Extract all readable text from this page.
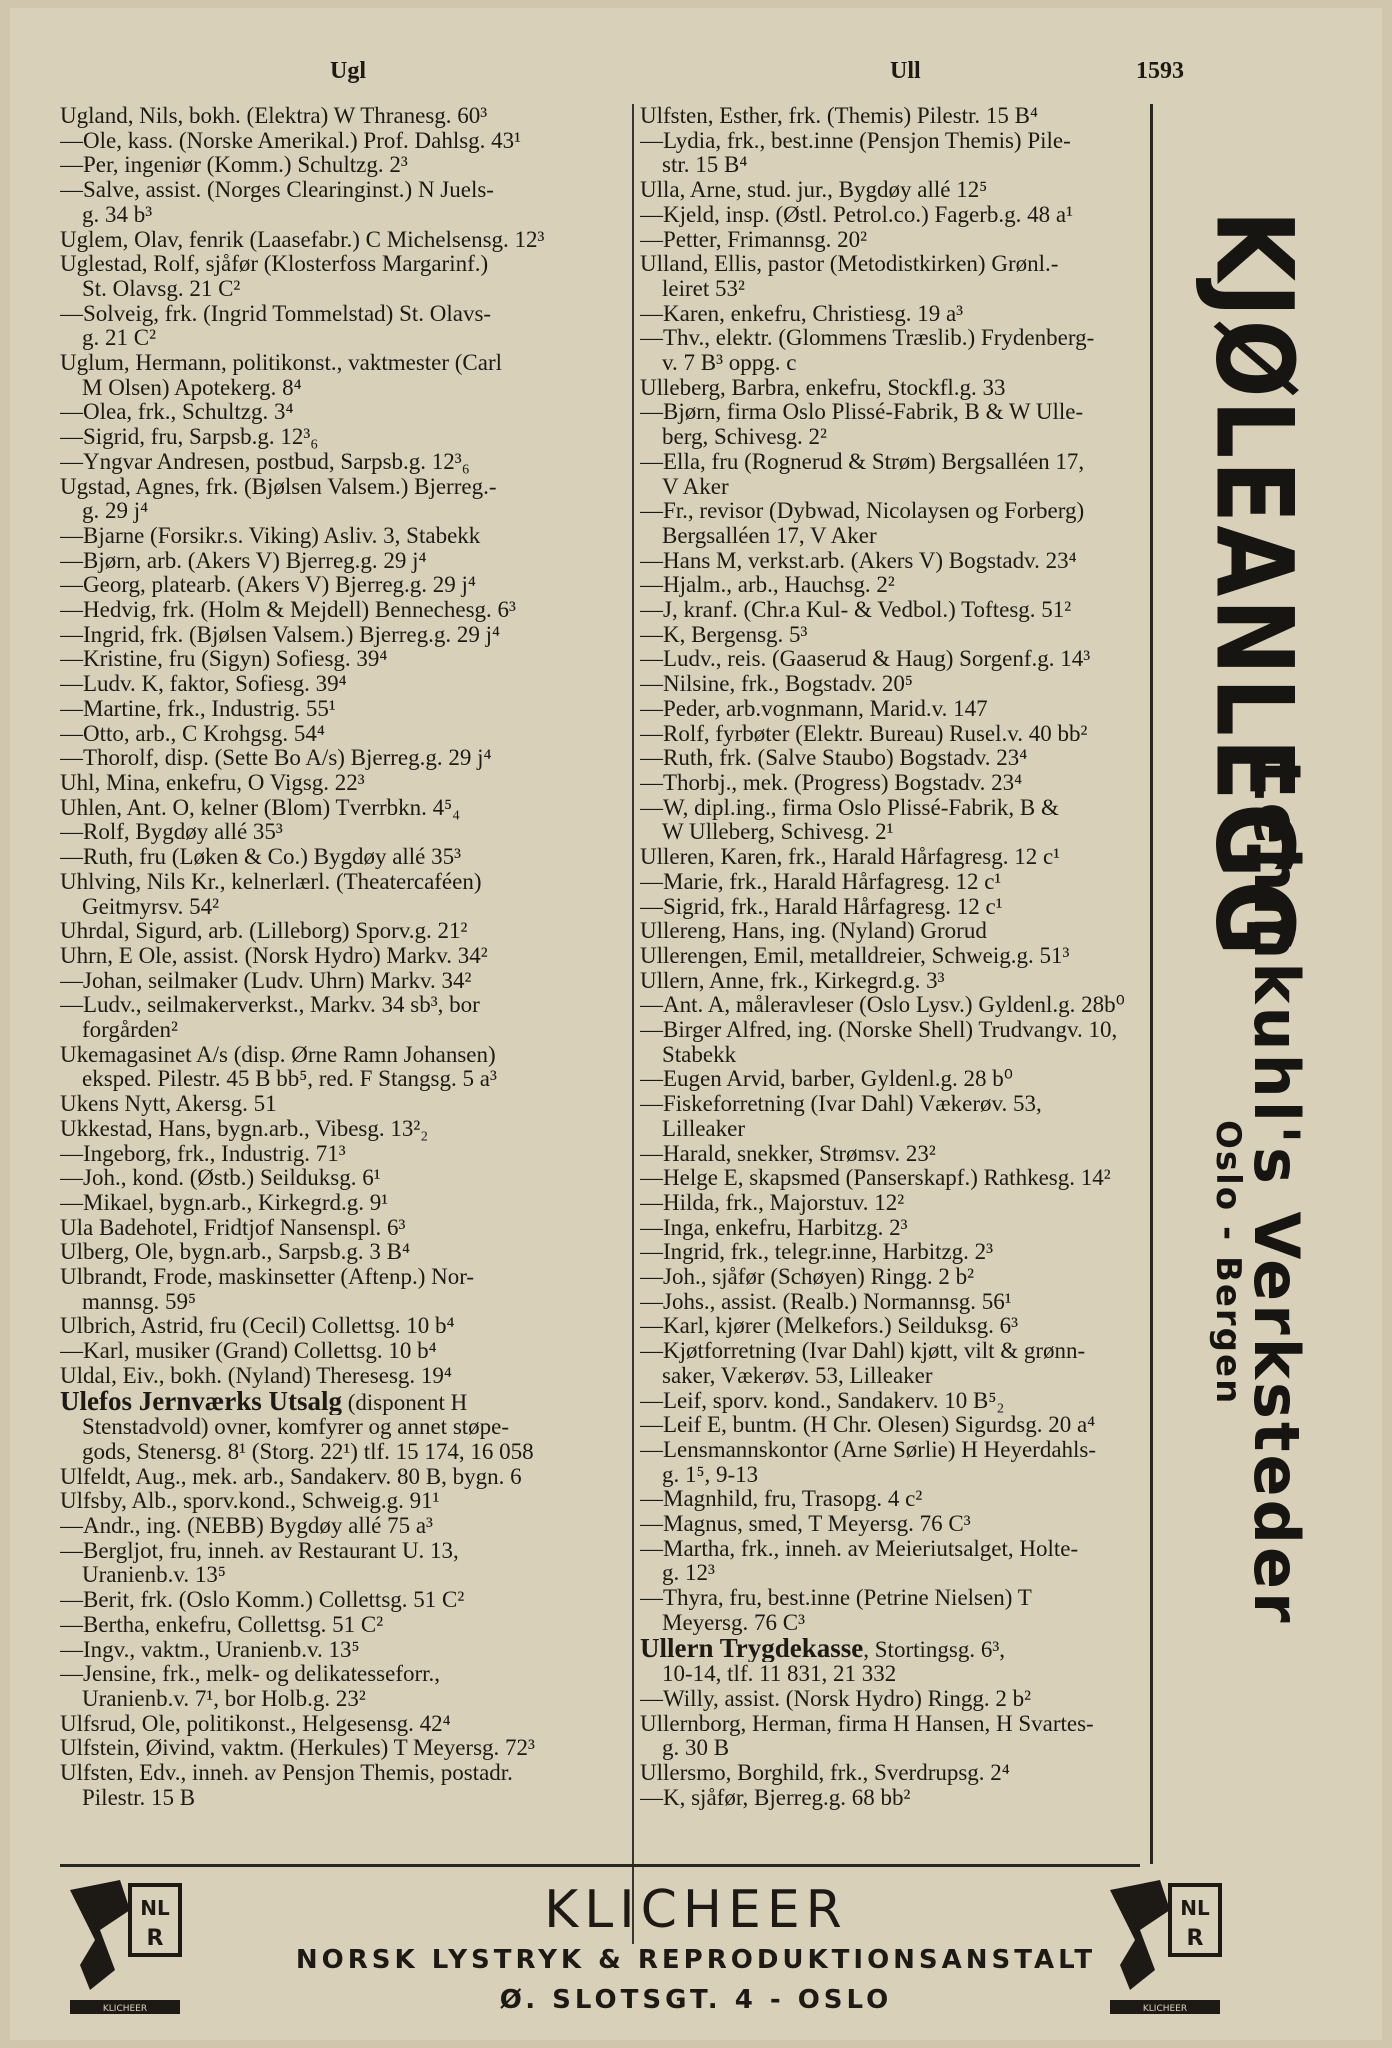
Ugl	Ull	1593
Ugland, Nils, bokh. (Elektra) W Thranesg. 60³
—Ole, kass. (Norske Amerikal.) Prof. Dahlsg. 43¹
—Per, ingeniør (Komm.) Schultzg. 2³
—Salve, assist. (Norges Clearinginst.) N Juels-
g. 34 b³
Uglem, Olav, fenrik (Laasefabr.) C Michelsensg. 12³
Uglestad, Rolf, sjåfør (Klosterfoss Margarinf.)
St. Olavsg. 21 C²
—Solveig, frk. (Ingrid Tommelstad) St. Olavs-
g. 21 C²
Uglum, Hermann, politikonst., vaktmester (Carl
M Olsen) Apotekerg. 8⁴
—Olea, frk., Schultzg. 3⁴
—Sigrid, fru, Sarpsb.g. 12³₆
—Yngvar Andresen, postbud, Sarpsb.g. 12³₆
Ugstad, Agnes, frk. (Bjølsen Valsem.) Bjerreg.-
g. 29 j⁴
—Bjarne (Forsikr.s. Viking) Asliv. 3, Stabekk
—Bjørn, arb. (Akers V) Bjerreg.g. 29 j⁴
—Georg, platearb. (Akers V) Bjerreg.g. 29 j⁴
—Hedvig, frk. (Holm & Mejdell) Bennechesg. 6³
—Ingrid, frk. (Bjølsen Valsem.) Bjerreg.g. 29 j⁴
—Kristine, fru (Sigyn) Sofiesg. 39⁴
—Ludv. K, faktor, Sofiesg. 39⁴
—Martine, frk., Industrig. 55¹
—Otto, arb., C Krohgsg. 54⁴
—Thorolf, disp. (Sette Bo A/s) Bjerreg.g. 29 j⁴
Uhl, Mina, enkefru, O Vigsg. 22³
Uhlen, Ant. O, kelner (Blom) Tverrbkn. 4⁵₄
—Rolf, Bygdøy allé 35³
—Ruth, fru (Løken & Co.) Bygdøy allé 35³
Uhlving, Nils Kr., kelnerlærl. (Theatercaféen)
Geitmyrsv. 54²
Uhrdal, Sigurd, arb. (Lilleborg) Sporv.g. 21²
Uhrn, E Ole, assist. (Norsk Hydro) Markv. 34²
—Johan, seilmaker (Ludv. Uhrn) Markv. 34²
—Ludv., seilmakerverkst., Markv. 34 sb³, bor
forgården²
Ukemagasinet A/s (disp. Ørne Ramn Johansen)
eksped. Pilestr. 45 B bb⁵, red. F Stangsg. 5 a³
Ukens Nytt, Akersg. 51
Ukkestad, Hans, bygn.arb., Vibesg. 13²₂
—Ingeborg, frk., Industrig. 71³
—Joh., kond. (Østb.) Seilduksg. 6¹
—Mikael, bygn.arb., Kirkegrd.g. 9¹
Ula Badehotel, Fridtjof Nansenspl. 6³
Ulberg, Ole, bygn.arb., Sarpsb.g. 3 B⁴
Ulbrandt, Frode, maskinsetter (Aftenp.) Nor-
mannsg. 59⁵
Ulbrich, Astrid, fru (Cecil) Collettsg. 10 b⁴
—Karl, musiker (Grand) Collettsg. 10 b⁴
Uldal, Eiv., bokh. (Nyland) Theresesg. 19⁴
Ulefos Jernværks Utsalg (disponent H
Stenstadvold) ovner, komfyrer og annet støpe-
gods, Stenersg. 8¹ (Storg. 22¹) tlf. 15 174, 16 058
Ulfeldt, Aug., mek. arb., Sandakerv. 80 B, bygn. 6
Ulfsby, Alb., sporv.kond., Schweig.g. 91¹
—Andr., ing. (NEBB) Bygdøy allé 75 a³
—Bergljot, fru, inneh. av Restaurant U. 13,
Uranienb.v. 13⁵
—Berit, frk. (Oslo Komm.) Collettsg. 51 C²
—Bertha, enkefru, Collettsg. 51 C²
—Ingv., vaktm., Uranienb.v. 13⁵
—Jensine, frk., melk- og delikatesseforr.,
Uranienb.v. 7¹, bor Holb.g. 23²
Ulfsrud, Ole, politikonst., Helgesensg. 42⁴
Ulfstein, Øivind, vaktm. (Herkules) T Meyersg. 72³
Ulfsten, Edv., inneh. av Pensjon Themis, postadr.
Pilestr. 15 B
Ulfsten, Esther, frk. (Themis) Pilestr. 15 B⁴
—Lydia, frk., best.inne (Pensjon Themis) Pile-
str. 15 B⁴
Ulla, Arne, stud. jur., Bygdøy allé 12⁵
—Kjeld, insp. (Østl. Petrol.co.) Fagerb.g. 48 a¹
—Petter, Frimannsg. 20²
Ulland, Ellis, pastor (Metodistkirken) Grønl.-
leiret 53²
—Karen, enkefru, Christiesg. 19 a³
—Thv., elektr. (Glommens Træslib.) Frydenberg-
v. 7 B³ oppg. c
Ulleberg, Barbra, enkefru, Stockfl.g. 33
—Bjørn, firma Oslo Plissé-Fabrik, B & W Ulle-
berg, Schivesg. 2²
—Ella, fru (Rognerud & Strøm) Bergsalléen 17,
V Aker
—Fr., revisor (Dybwad, Nicolaysen og Forberg)
Bergsalléen 17, V Aker
—Hans M, verkst.arb. (Akers V) Bogstadv. 23⁴
—Hjalm., arb., Hauchsg. 2²
—J, kranf. (Chr.a Kul- & Vedbol.) Toftesg. 51²
—K, Bergensg. 5³
—Ludv., reis. (Gaaserud & Haug) Sorgenf.g. 14³
—Nilsine, frk., Bogstadv. 20⁵
—Peder, arb.vognmann, Marid.v. 147
—Rolf, fyrbøter (Elektr. Bureau) Rusel.v. 40 bb²
—Ruth, frk. (Salve Staubo) Bogstadv. 23⁴
—Thorbj., mek. (Progress) Bogstadv. 23⁴
—W, dipl.ing., firma Oslo Plissé-Fabrik, B &
W Ulleberg, Schivesg. 2¹
Ulleren, Karen, frk., Harald Hårfagresg. 12 c¹
—Marie, frk., Harald Hårfagresg. 12 c¹
—Sigrid, frk., Harald Hårfagresg. 12 c¹
Ullereng, Hans, ing. (Nyland) Grorud
Ullerengen, Emil, metalldreier, Schweig.g. 51³
Ullern, Anne, frk., Kirkegrd.g. 3³
—Ant. A, måleravleser (Oslo Lysv.) Gyldenl.g. 28b⁰
—Birger Alfred, ing. (Norske Shell) Trudvangv. 10,
Stabekk
—Eugen Arvid, barber, Gyldenl.g. 28 b⁰
—Fiskeforretning (Ivar Dahl) Vækerøv. 53,
Lilleaker
—Harald, snekker, Strømsv. 23²
—Helge E, skapsmed (Panserskapf.) Rathkesg. 14²
—Hilda, frk., Majorstuv. 12²
—Inga, enkefru, Harbitzg. 2³
—Ingrid, frk., telegr.inne, Harbitzg. 2³
—Joh., sjåfør (Schøyen) Ringg. 2 b²
—Johs., assist. (Realb.) Normannsg. 56¹
—Karl, kjører (Melkefors.) Seilduksg. 6³
—Kjøtforretning (Ivar Dahl) kjøtt, vilt & grønn-
saker, Vækerøv. 53, Lilleaker
—Leif, sporv. kond., Sandakerv. 10 B⁵₂
—Leif E, buntm. (H Chr. Olesen) Sigurdsg. 20 a⁴
—Lensmannskontor (Arne Sørlie) H Heyerdahls-
g. 1⁵, 9-13
—Magnhild, fru, Trasopg. 4 c²
—Magnus, smed, T Meyersg. 76 C³
—Martha, frk., inneh. av Meieriutsalget, Holte-
g. 12³
—Thyra, fru, best.inne (Petrine Nielsen) T
Meyersg. 76 C³
Ullern Trygdekasse, Stortingsg. 6³,
10-14, tlf. 11 831, 21 332
—Willy, assist. (Norsk Hydro) Ringg. 2 b²
Ullernborg, Herman, firma H Hansen, H Svartes-
g. 30 B
Ullersmo, Borghild, frk., Sverdrupsg. 2⁴
—K, sjåfør, Bjerreg.g. 68 bb²
KJØLEANLEGG
Lehmkuhl's Verksteder
Oslo - Bergen
NL
R
KLICHEER
NL
R
KLICHEER
KLICHEER
NORSK LYSTRYK & REPRODUKTIONSANSTALT
Ø. SLOTSGT. 4 - OSLO
